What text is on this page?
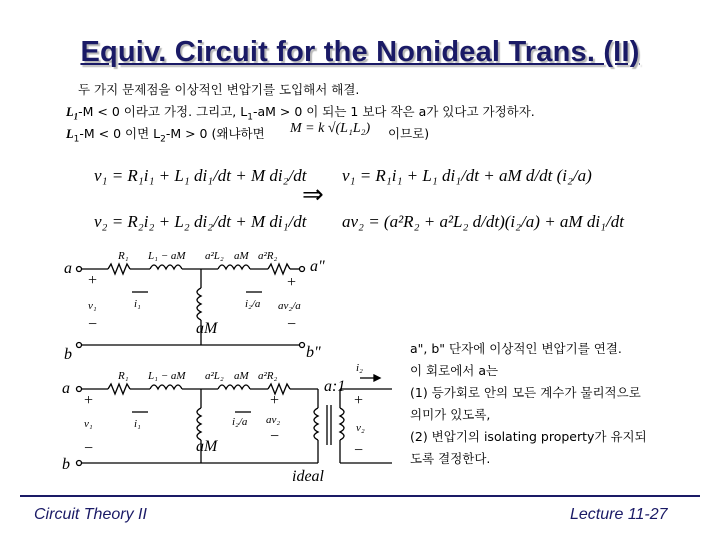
Equiv. Circuit for the Nonideal Trans. (II)
두 가지 문제점을 이상적인 변압기를 도입해서 해결.
$L_1-M < 0$ 이라고 가정. 그리고, $L_1-aM > 0$ 이 되는 1 보다 작은 a가 있다고 가정하자.
$L_1-M < 0$ 이면 $L_2-M > 0$ (왜냐하면 M = k √(L₁L₂) 이므로)
v₁ = R₁i₁ + L₁ di₁/dt + M di₂/dt
v₂ = R₂i₂ + L₂ di₂/dt + M di₁/dt
⇒
v₁ = R₁i₁ + L₁ di₁/dt + aM d/dt (i₂/a)
av₂ = (a²R₂ + a²L₂ d/dt)(i₂/a) + aM di₁/dt
a
b
a"
b"
+
−
+
−
v₁	i₁	i₂/a av₂/a
R₁ L₁ − aM a²L₂ aM a²R₂
aM
a
b
+
−
+
−
+
−
v₁	i₁	i₂/a av₂
i₂
v₂
a:1
ideal
R₁ L₁ − aM a²L₂ aM a²R₂
aM
a", b" 단자에 이상적인 변압기를 연결.
이 회로에서 a는
(1) 등가회로 안의 모든 계수가 물리적으로
의미가 있도록,
(2) 변압기의 isolating property가 유지되
도록 결정한다.
Circuit Theory II	Lecture 11-27
